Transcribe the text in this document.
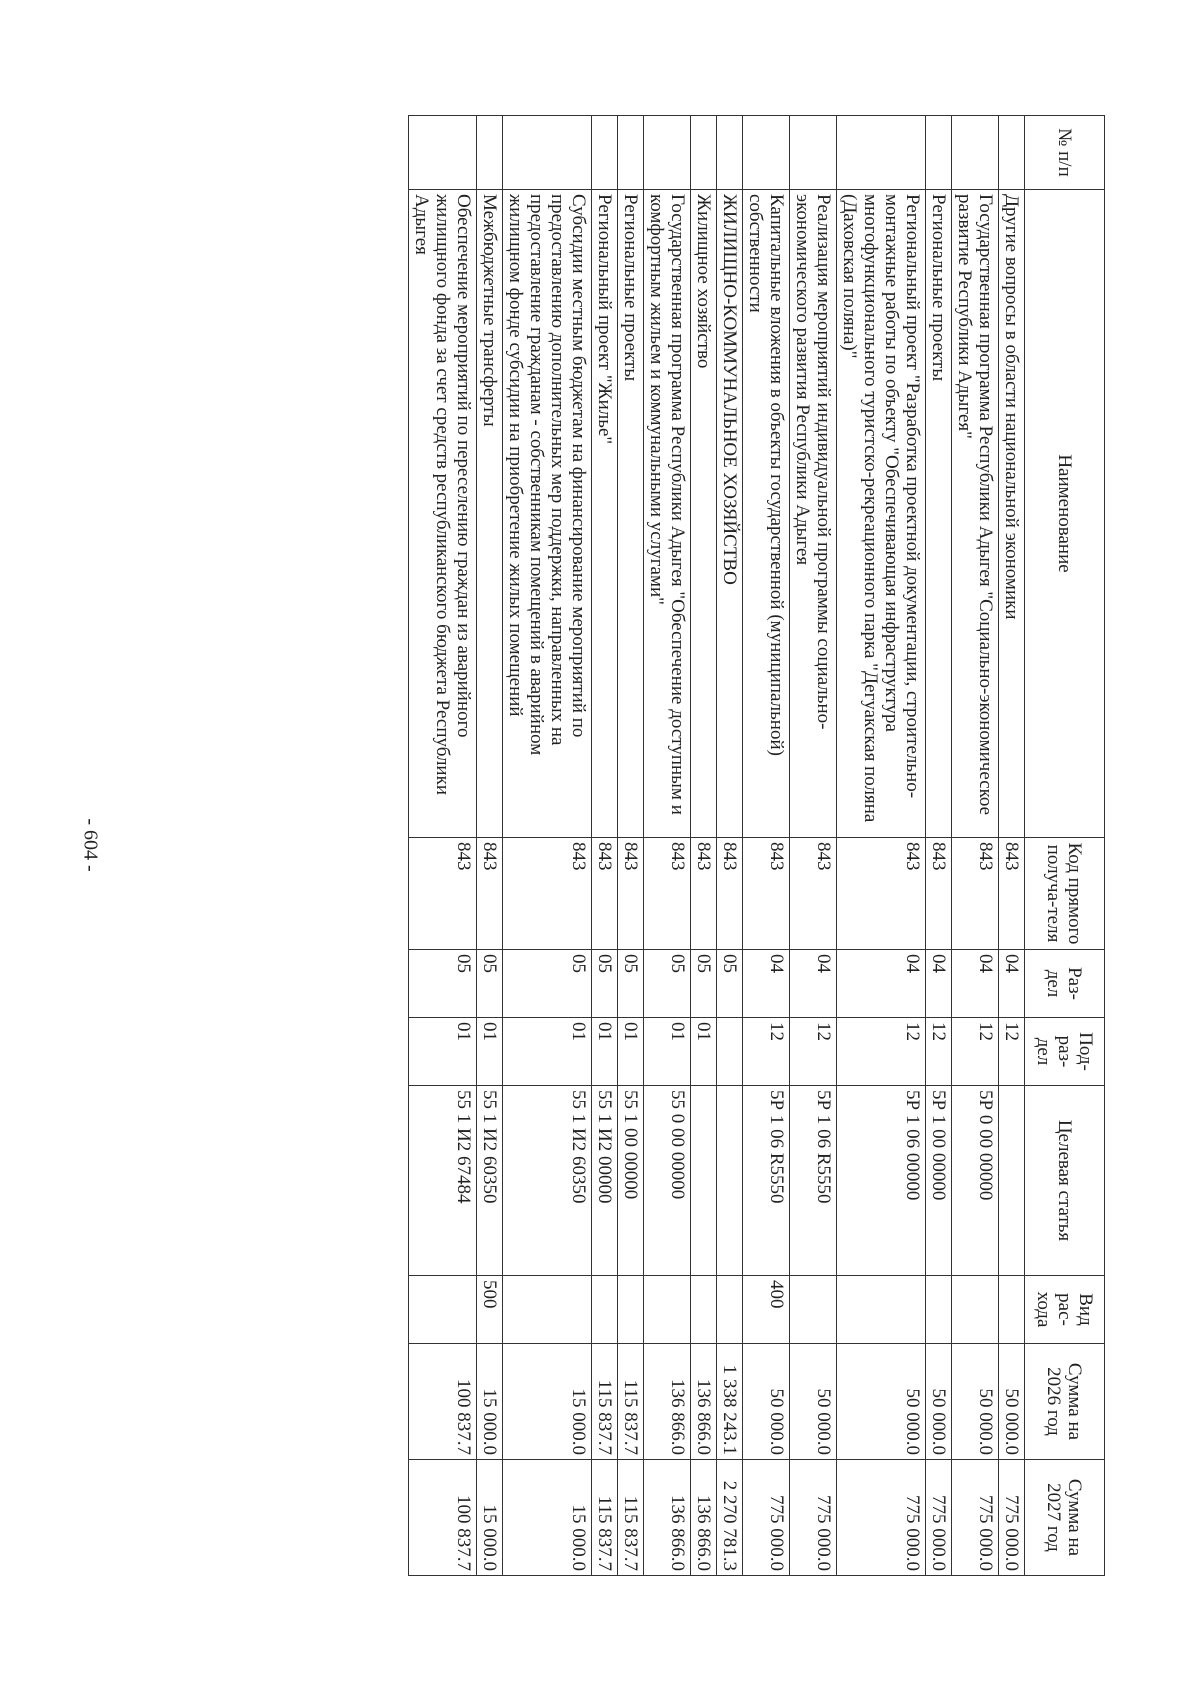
- 604 -
№ п/п	Наименование	Код прямого получа-теля	Раз-дел	Под-раз-дел	Целевая статья	Вид рас-хода	Сумма на 2026 год	Сумма на 2027 год
	Другие вопросы в области национальной экономики	843	04	12			50 000.0	775 000.0
	Государственная программа Республики Адыгея "Социально-экономическое развитие Республики Адыгея"	843	04	12	5Р 0 00 00000		50 000.0	775 000.0
	Региональные проекты	843	04	12	5Р 1 00 00000		50 000.0	775 000.0
	Региональный проект "Разработка проектной документации, строительно-монтажные работы по объекту "Обеспечивающая инфраструктура многофункционального туристско-рекреационного парка "Дегуакская поляна (Даховская поляна)"	843	04	12	5Р 1 06 00000		50 000.0	775 000.0
	Реализация мероприятий индивидуальной программы социально-экономического развития Республики Адыгея	843	04	12	5Р 1 06 R5550		50 000.0	775 000.0
	Капитальные вложения в объекты государственной (муниципальной) собственности	843	04	12	5Р 1 06 R5550	400	50 000.0	775 000.0
	ЖИЛИЩНО-КОММУНАЛЬНОЕ ХОЗЯЙСТВО	843	05				1 338 243.1	2 270 781.3
	Жилищное хозяйство	843	05	01			136 866.0	136 866.0
	Государственная программа Республики Адыгея "Обеспечение доступным и комфортным жильем и коммунальными услугами"	843	05	01	55 0 00 00000		136 866.0	136 866.0
	Региональные проекты	843	05	01	55 1 00 00000		115 837.7	115 837.7
	Региональный проект "Жилье"	843	05	01	55 1 И2 00000		115 837.7	115 837.7
	Субсидии местным бюджетам на финансирование мероприятий по предоставлению дополнительных мер поддержки, направленных на предоставление гражданам - собственникам помещений в аварийном жилищном фонде субсидии на приобретение жилых помещений	843	05	01	55 1 И2 60350		15 000.0	15 000.0
	Межбюджетные трансферты	843	05	01	55 1 И2 60350	500	15 000.0	15 000.0
	Обеспечение мероприятий по переселению граждан из аварийного жилищного фонда за счет средств республиканского бюджета Республики Адыгея	843	05	01	55 1 И2 67484		100 837.7	100 837.7
